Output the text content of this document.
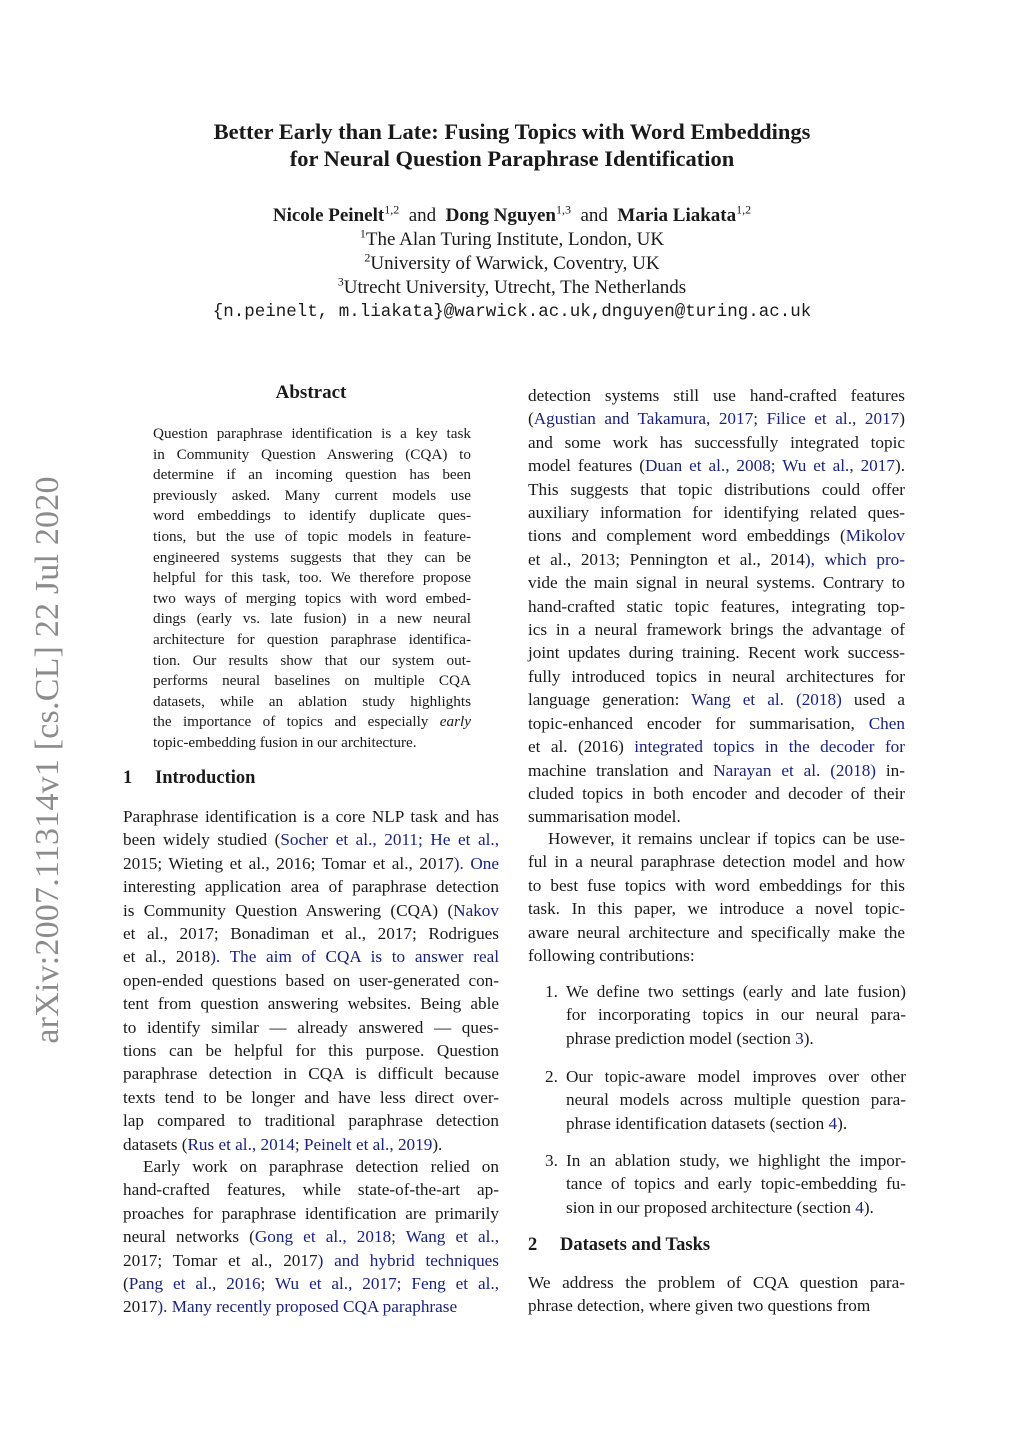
Better Early than Late: Fusing Topics with Word Embeddings
for Neural Question Paraphrase Identification
Nicole Peinelt$^{1,2}$ and Dong Nguyen$^{1,3}$ and Maria Liakata$^{1,2}$
$^1$The Alan Turing Institute, London, UK
$^2$University of Warwick, Coventry, UK
$^3$Utrecht University, Utrecht, The Netherlands
{n.peinelt, m.liakata}@warwick.ac.uk,dnguyen@turing.ac.uk
arXiv:2007.11314v1 [cs.CL] 22 Jul 2020
Abstract
Question paraphrase identification is a key task
in Community Question Answering (CQA) to
determine if an incoming question has been
previously asked. Many current models use
word embeddings to identify duplicate ques-
tions, but the use of topic models in feature-
engineered systems suggests that they can be
helpful for this task, too. We therefore propose
two ways of merging topics with word embed-
dings (early vs. late fusion) in a new neural
architecture for question paraphrase identifica-
tion. Our results show that our system out-
performs neural baselines on multiple CQA
datasets, while an ablation study highlights
the importance of topics and especially early
topic-embedding fusion in our architecture.
1 Introduction
Paraphrase identification is a core NLP task and has
been widely studied (Socher et al., 2011; He et al.,
2015; Wieting et al., 2016; Tomar et al., 2017). One
interesting application area of paraphrase detection
is Community Question Answering (CQA) (Nakov
et al., 2017; Bonadiman et al., 2017; Rodrigues
et al., 2018). The aim of CQA is to answer real
open-ended questions based on user-generated con-
tent from question answering websites. Being able
to identify similar — already answered — ques-
tions can be helpful for this purpose. Question
paraphrase detection in CQA is difficult because
texts tend to be longer and have less direct over-
lap compared to traditional paraphrase detection
datasets (Rus et al., 2014; Peinelt et al., 2019).
Early work on paraphrase detection relied on
hand-crafted features, while state-of-the-art ap-
proaches for paraphrase identification are primarily
neural networks (Gong et al., 2018; Wang et al.,
2017; Tomar et al., 2017) and hybrid techniques
(Pang et al., 2016; Wu et al., 2017; Feng et al.,
2017). Many recently proposed CQA paraphrase
detection systems still use hand-crafted features
(Agustian and Takamura, 2017; Filice et al., 2017)
and some work has successfully integrated topic
model features (Duan et al., 2008; Wu et al., 2017).
This suggests that topic distributions could offer
auxiliary information for identifying related ques-
tions and complement word embeddings (Mikolov
et al., 2013; Pennington et al., 2014), which pro-
vide the main signal in neural systems. Contrary to
hand-crafted static topic features, integrating top-
ics in a neural framework brings the advantage of
joint updates during training. Recent work success-
fully introduced topics in neural architectures for
language generation: Wang et al. (2018) used a
topic-enhanced encoder for summarisation, Chen
et al. (2016) integrated topics in the decoder for
machine translation and Narayan et al. (2018) in-
cluded topics in both encoder and decoder of their
summarisation model.
However, it remains unclear if topics can be use-
ful in a neural paraphrase detection model and how
to best fuse topics with word embeddings for this
task. In this paper, we introduce a novel topic-
aware neural architecture and specifically make the
following contributions:
1. We define two settings (early and late fusion)
for incorporating topics in our neural para-
phrase prediction model (section 3).
2. Our topic-aware model improves over other
neural models across multiple question para-
phrase identification datasets (section 4).
3. In an ablation study, we highlight the impor-
tance of topics and early topic-embedding fu-
sion in our proposed architecture (section 4).
2 Datasets and Tasks
We address the problem of CQA question para-
phrase detection, where given two questions from
